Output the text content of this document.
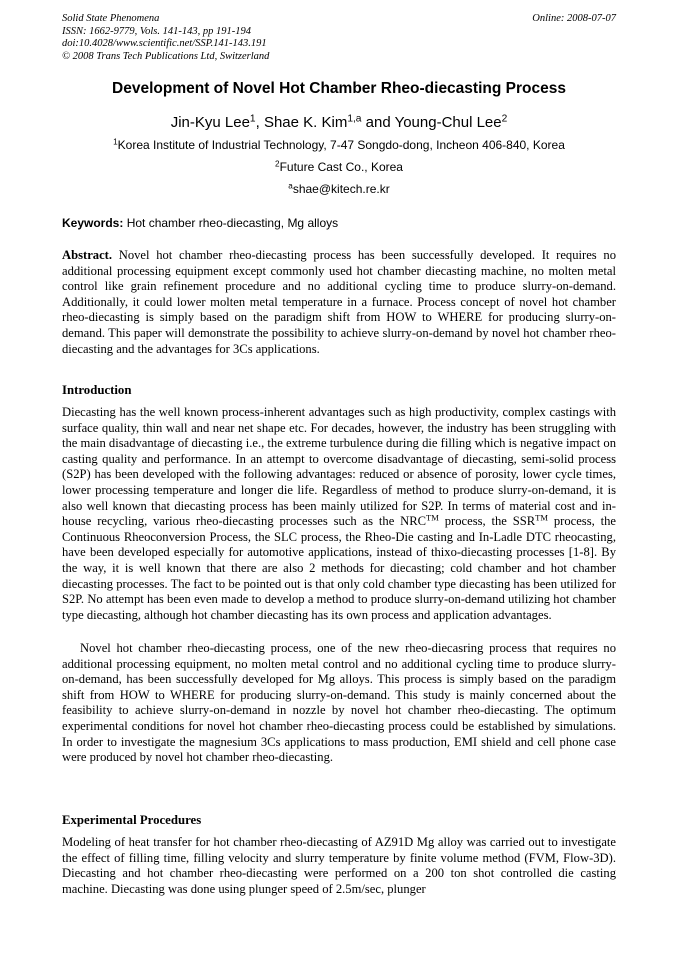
Solid State Phenomena
ISSN: 1662-9779, Vols. 141-143, pp 191-194
doi:10.4028/www.scientific.net/SSP.141-143.191
© 2008 Trans Tech Publications Ltd, Switzerland
Online: 2008-07-07
Development of Novel Hot Chamber Rheo-diecasting Process
Jin-Kyu Lee$^1$, Shae K. Kim$^{1,a}$ and Young-Chul Lee$^2$
$^1$Korea Institute of Industrial Technology, 7-47 Songdo-dong, Incheon 406-840, Korea
$^2$Future Cast Co., Korea
$^a$shae@kitech.re.kr
Keywords: Hot chamber rheo-diecasting, Mg alloys

Abstract. Novel hot chamber rheo-diecasting process has been successfully developed. It requires no additional processing equipment except commonly used hot chamber diecasting machine, no molten metal control like grain refinement procedure and no additional cycling time to produce slurry-on-demand. Additionally, it could lower molten metal temperature in a furnace. Process concept of novel hot chamber rheo-diecasting is simply based on the paradigm shift from HOW to WHERE for producing slurry-on-demand. This paper will demonstrate the possibility to achieve slurry-on-demand by novel hot chamber rheo-diecasting and the advantages for 3Cs applications.

Introduction

Diecasting has the well known process-inherent advantages such as high productivity, complex castings with surface quality, thin wall and near net shape etc. For decades, however, the industry has been struggling with the main disadvantage of diecasting i.e., the extreme turbulence during die filling which is negative impact on casting quality and performance. In an attempt to overcome disadvantage of diecasting, semi-solid process (S2P) has been developed with the following advantages: reduced or absence of porosity, lower cycle times, lower processing temperature and longer die life. Regardless of method to produce slurry-on-demand, it is also well known that diecasting process has been mainly utilized for S2P. In terms of material cost and in-house recycling, various rheo-diecasting processes such as the NRC™ process, the SSR™ process, the Continuous Rheoconversion Process, the SLC process, the Rheo-Die casting and In-Ladle DTC rheocasting, have been developed especially for automotive applications, instead of thixo-diecasting processes [1-8]. By the way, it is well known that there are also 2 methods for diecasting; cold chamber and hot chamber diecasting processes. The fact to be pointed out is that only cold chamber type diecasting has been utilized for S2P. No attempt has been even made to develop a method to produce slurry-on-demand utilizing hot chamber type diecasting, although hot chamber diecasting has its own process and application advantages.

Novel hot chamber rheo-diecasting process, one of the new rheo-diecasring process that requires no additional processing equipment, no molten metal control and no additional cycling time to produce slurry-on-demand, has been successfully developed for Mg alloys. This process is simply based on the paradigm shift from HOW to WHERE for producing slurry-on-demand. This study is mainly concerned about the feasibility to achieve slurry-on-demand in nozzle by novel hot chamber rheo-diecasting. The optimum experimental conditions for novel hot chamber rheo-diecasting process could be established by simulations. In order to investigate the magnesium 3Cs applications to mass production, EMI shield and cell phone case were produced by novel hot chamber rheo-diecasting.

Experimental Procedures

Modeling of heat transfer for hot chamber rheo-diecasting of AZ91D Mg alloy was carried out to investigate the effect of filling time, filling velocity and slurry temperature by finite volume method (FVM, Flow-3D). Diecasting and hot chamber rheo-diecasting were performed on a 200 ton shot controlled die casting machine. Diecasting was done using plunger speed of 2.5m/sec, plunger
